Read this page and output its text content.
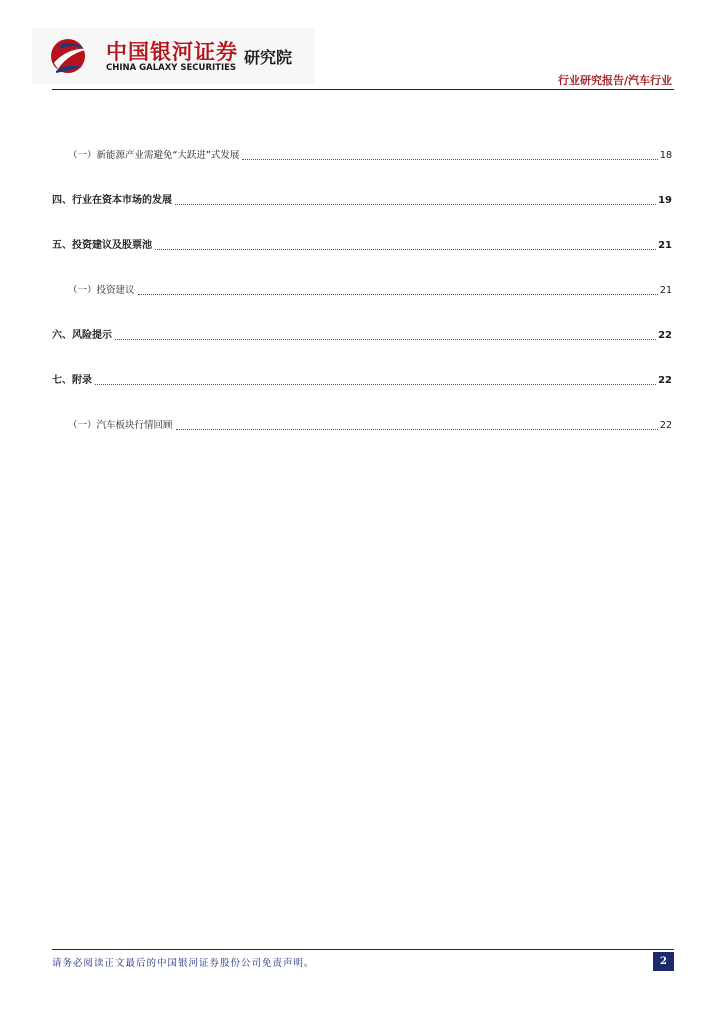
中国银河证券
CHINA GALAXY SECURITIES
研究院
行业研究报告/汽车行业
（一）新能源产业需避免“大跃进”式发展	18
四、行业在资本市场的发展	19
五、投资建议及股票池	21
（一）投资建议	21
六、风险提示	22
七、附录	22
（一）汽车板块行情回顾	22
请务必阅读正文最后的中国银河证券股份公司免责声明。	2
